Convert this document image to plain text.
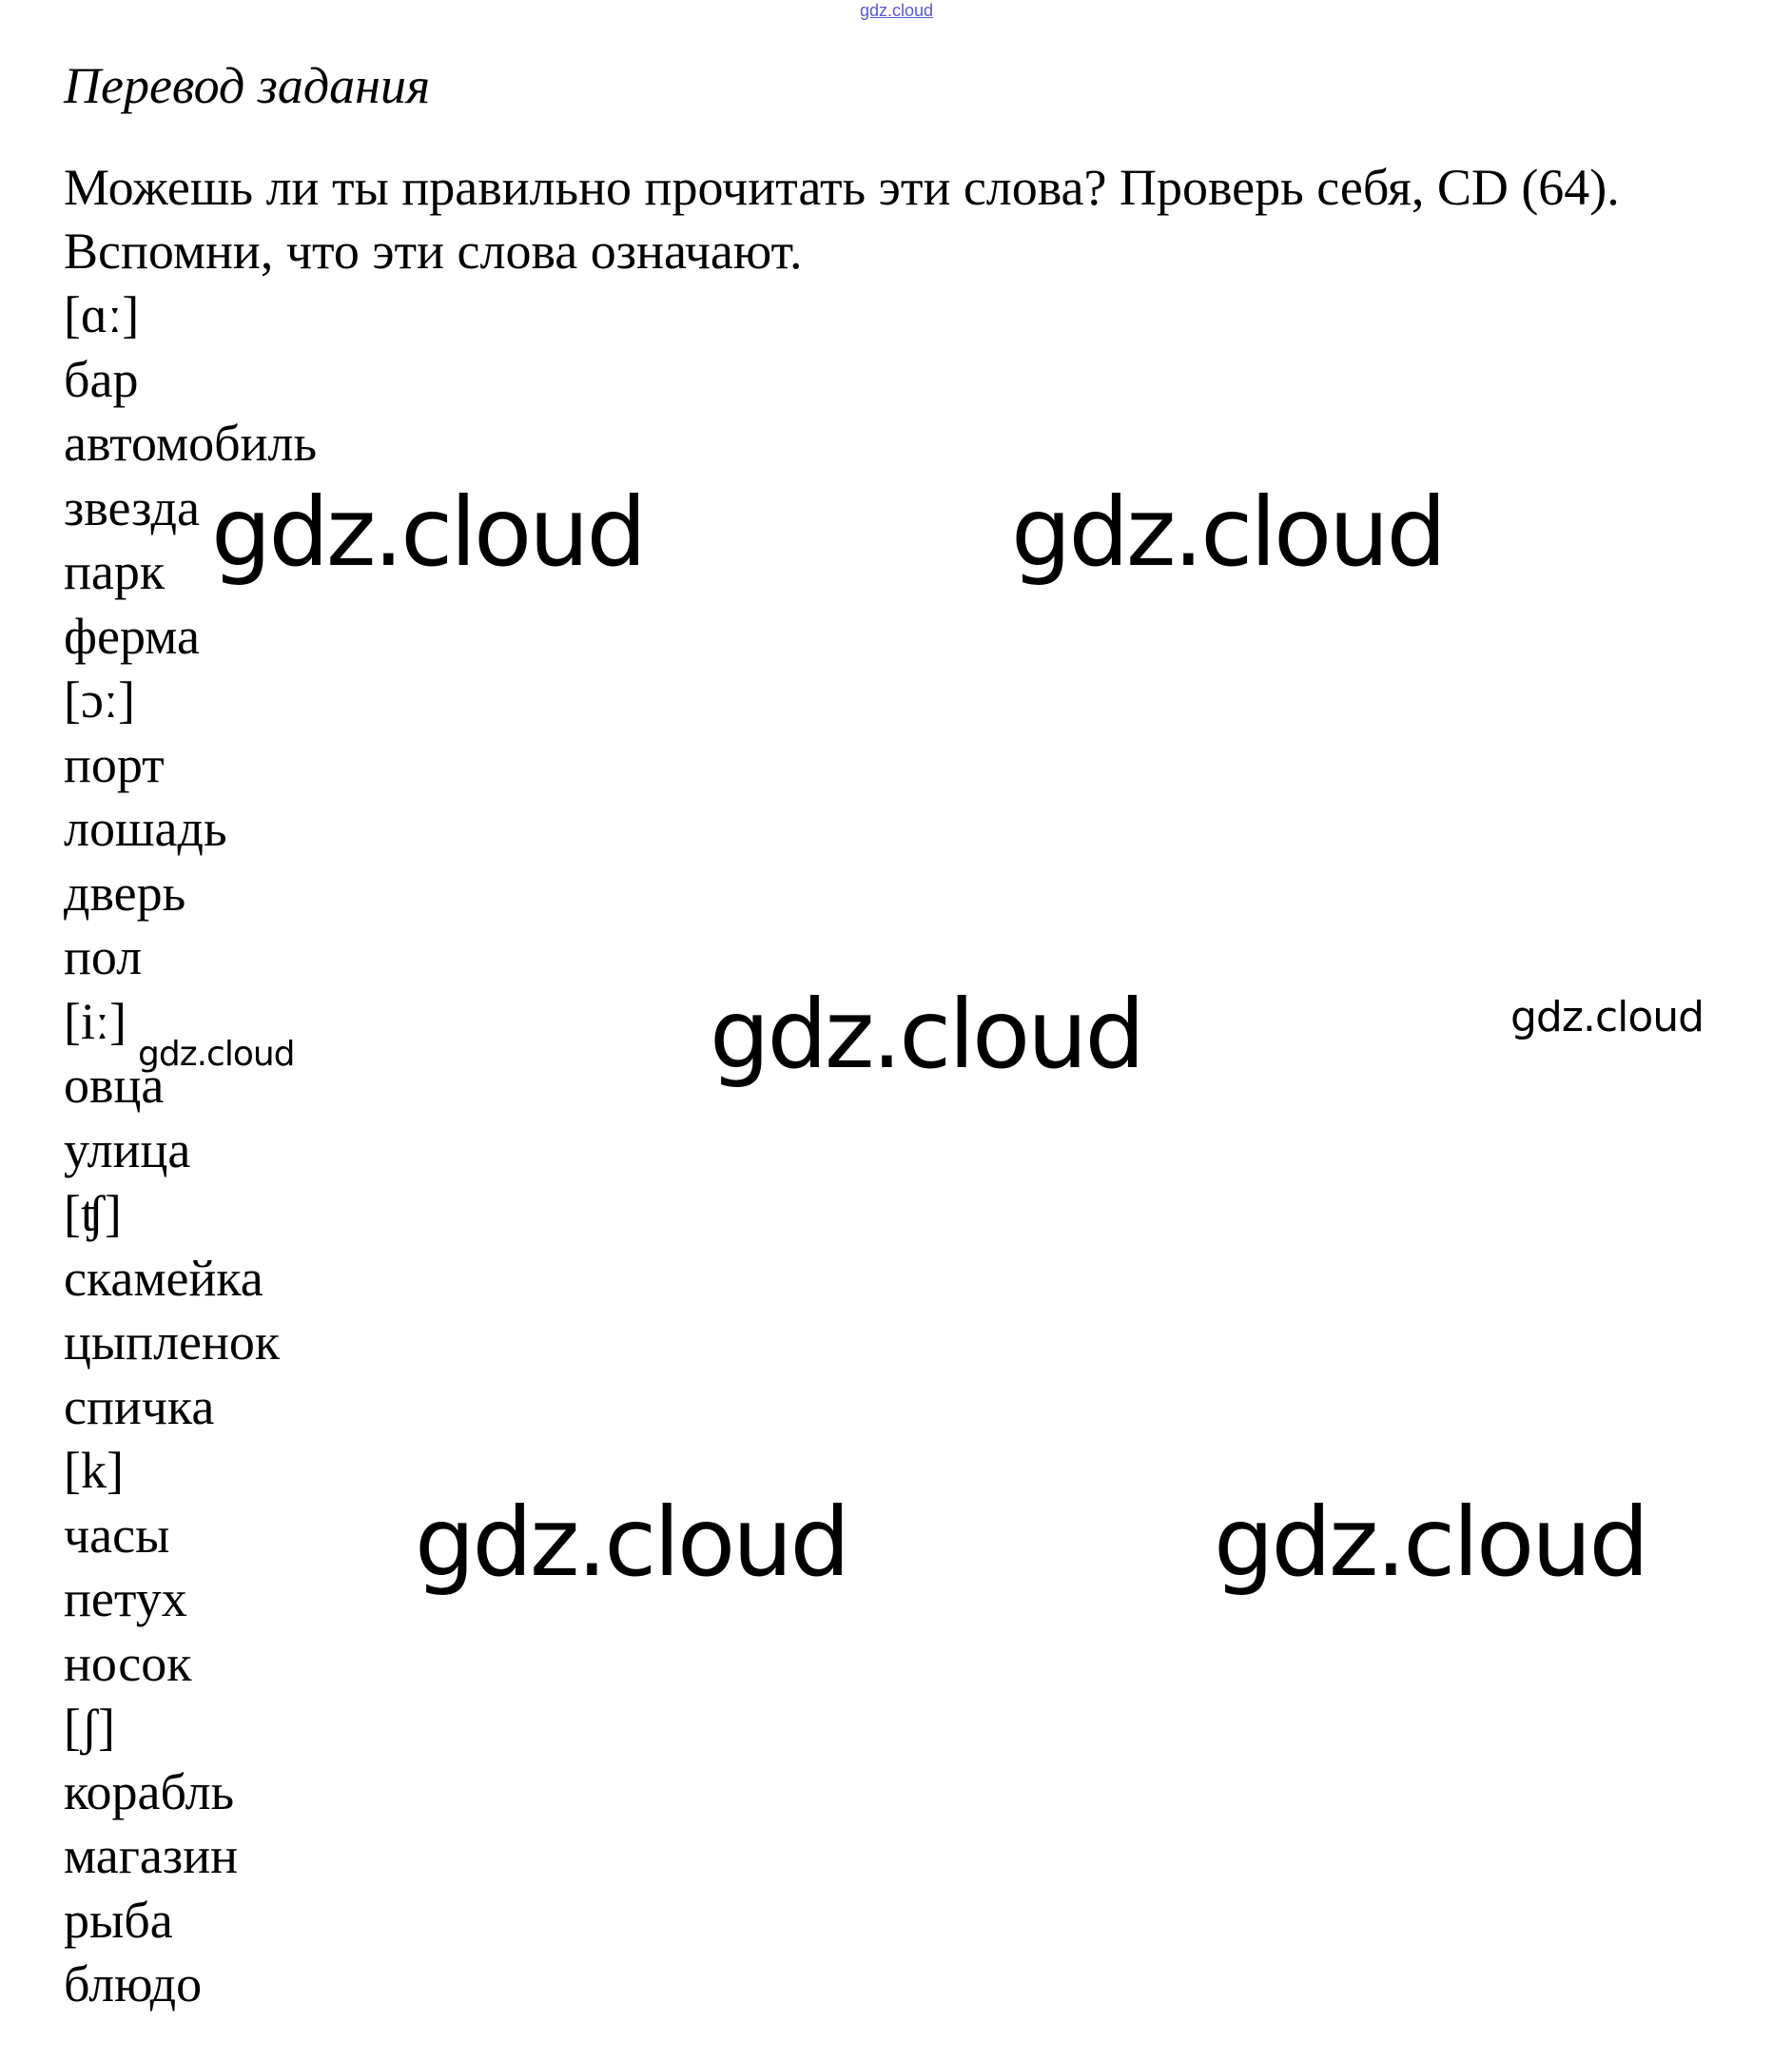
gdz.cloud
Перевод задания
Можешь ли ты правильно прочитать эти слова? Проверь себя, CD (64).
Вспомни, что эти слова означают.
[ɑː]
бар
автомобиль
звезда
парк
ферма
[ɔː]
порт
лошадь
дверь
пол
[iː]
овца
улица
[ʧ]
скамейка
цыпленок
спичка
[k]
часы
петух
носок
[ʃ]
корабль
магазин
рыба
блюдо
gdz.cloud	gdz.cloud
gdz.cloud	gdz.cloud
gdz.cloud
gdz.cloud	gdz.cloud
